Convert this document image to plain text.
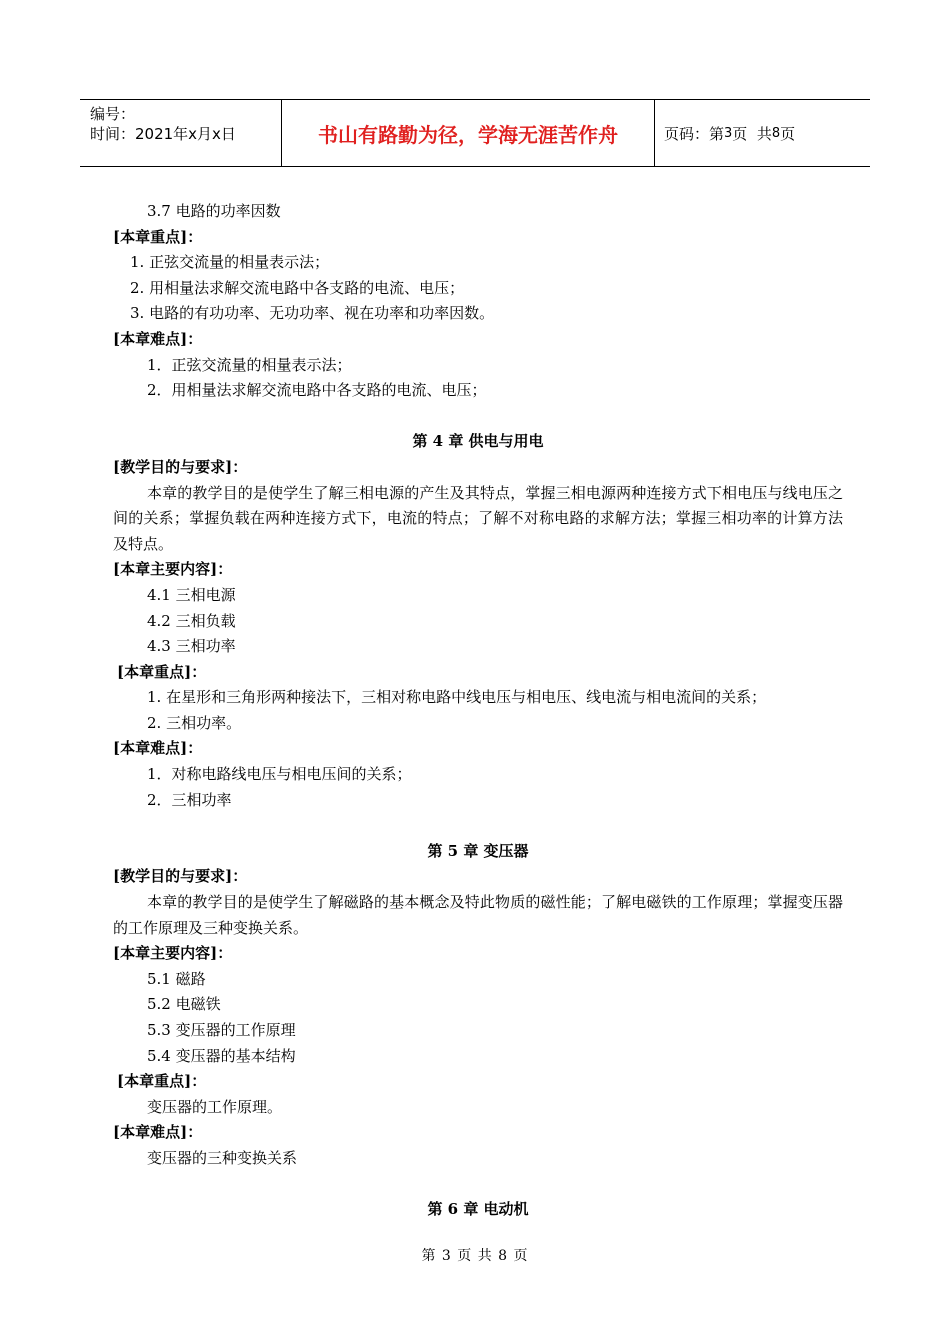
编号：
时间：2021年x月x日	书山有路勤为径，学海无涯苦作舟	页码：第 3 页  共 8 页
3.7 电路的功率因数
[本章重点]：
1. 正弦交流量的相量表示法；
2. 用相量法求解交流电路中各支路的电流、电压；
3. 电路的有功功率、无功功率、视在功率和功率因数。
[本章难点]：
1．正弦交流量的相量表示法；
2．用相量法求解交流电路中各支路的电流、电压；
第 4 章 供电与用电
[教学目的与要求]：
本章的教学目的是使学生了解三相电源的产生及其特点，掌握三相电源两种连接方式下相电压与线电压之间的关系；掌握负载在两种连接方式下，电流的特点；了解不对称电路的求解方法；掌握三相功率的计算方法及特点。
[本章主要内容]：
4.1 三相电源
4.2 三相负载
4.3 三相功率
[本章重点]：
1. 在星形和三角形两种接法下，三相对称电路中线电压与相电压、线电流与相电流间的关系；
2. 三相功率。
[本章难点]：
1．对称电路线电压与相电压间的关系；
2．三相功率
第 5 章 变压器
[教学目的与要求]：
本章的教学目的是使学生了解磁路的基本概念及特此物质的磁性能；了解电磁铁的工作原理；掌握变压器的工作原理及三种变换关系。
[本章主要内容]：
5.1 磁路
5.2 电磁铁
5.3 变压器的工作原理
5.4 变压器的基本结构
[本章重点]：
变压器的工作原理。
[本章难点]：
变压器的三种变换关系
第 6 章 电动机
第 3 页 共 8 页
